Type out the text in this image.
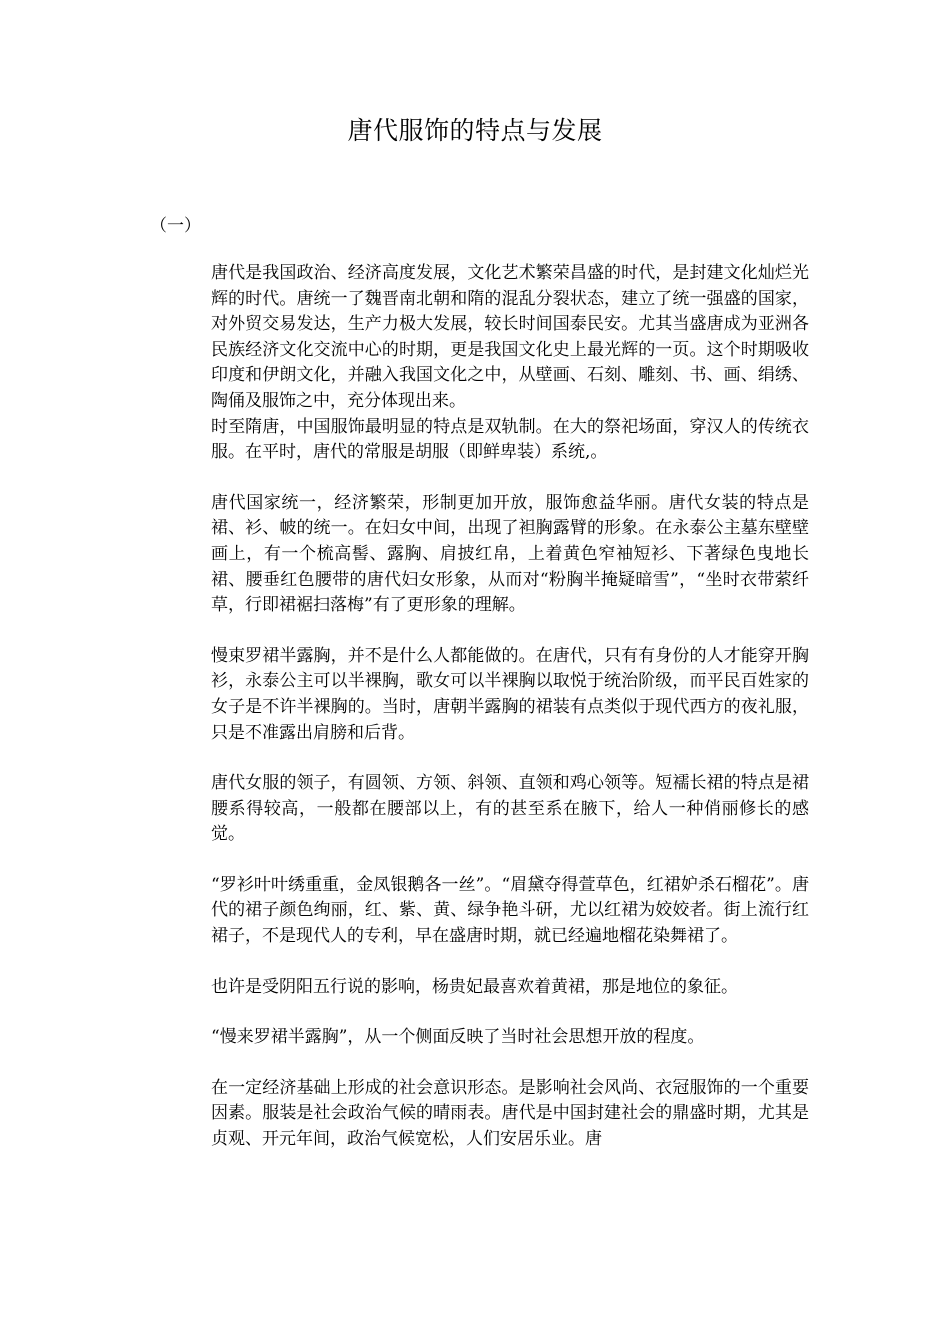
唐代服饰的特点与发展

（一）

唐代是我国政治、经济高度发展，文化艺术繁荣昌盛的时代，是封建文化灿烂光辉的时代。唐统一了魏晋南北朝和隋的混乱分裂状态，建立了统一强盛的国家，对外贸交易发达，生产力极大发展，较长时间国泰民安。尤其当盛唐成为亚洲各民族经济文化交流中心的时期，更是我国文化史上最光辉的一页。这个时期吸收印度和伊朗文化，并融入我国文化之中，从壁画、石刻、雕刻、书、画、绢绣、陶俑及服饰之中，充分体现出来。

时至隋唐，中国服饰最明显的特点是双轨制。在大的祭祀场面，穿汉人的传统衣服。在平时，唐代的常服是胡服（即鲜卑装）系统,。

唐代国家统一，经济繁荣，形制更加开放，服饰愈益华丽。唐代女装的特点是裙、衫、帔的统一。在妇女中间，出现了袒胸露臂的形象。在永泰公主墓东壁壁画上，有一个梳高髻、露胸、肩披红帛，上着黄色窄袖短衫、下著绿色曳地长裙、腰垂红色腰带的唐代妇女形象，从而对“粉胸半掩疑暗雪”，“坐时衣带萦纤草，行即裙裾扫落梅”有了更形象的理解。

慢束罗裙半露胸，并不是什么人都能做的。在唐代，只有有身份的人才能穿开胸衫，永泰公主可以半裸胸，歌女可以半裸胸以取悦于统治阶级，而平民百姓家的女子是不许半裸胸的。当时，唐朝半露胸的裙装有点类似于现代西方的夜礼服，只是不准露出肩膀和后背。

唐代女服的领子，有圆领、方领、斜领、直领和鸡心领等。短襦长裙的特点是裙腰系得较高，一般都在腰部以上，有的甚至系在腋下，给人一种俏丽修长的感觉。

“罗衫叶叶绣重重，金凤银鹅各一丝”。“眉黛夺得萱草色，红裙妒杀石榴花”。唐代的裙子颜色绚丽，红、紫、黄、绿争艳斗研，尤以红裙为姣姣者。街上流行红裙子，不是现代人的专利，早在盛唐时期，就已经遍地榴花染舞裙了。

也许是受阴阳五行说的影响，杨贵妃最喜欢着黄裙，那是地位的象征。

“慢来罗裙半露胸”，从一个侧面反映了当时社会思想开放的程度。

在一定经济基础上形成的社会意识形态。是影响社会风尚、衣冠服饰的一个重要因素。服装是社会政治气候的晴雨表。唐代是中国封建社会的鼎盛时期，尤其是贞观、开元年间，政治气候宽松，人们安居乐业。唐
